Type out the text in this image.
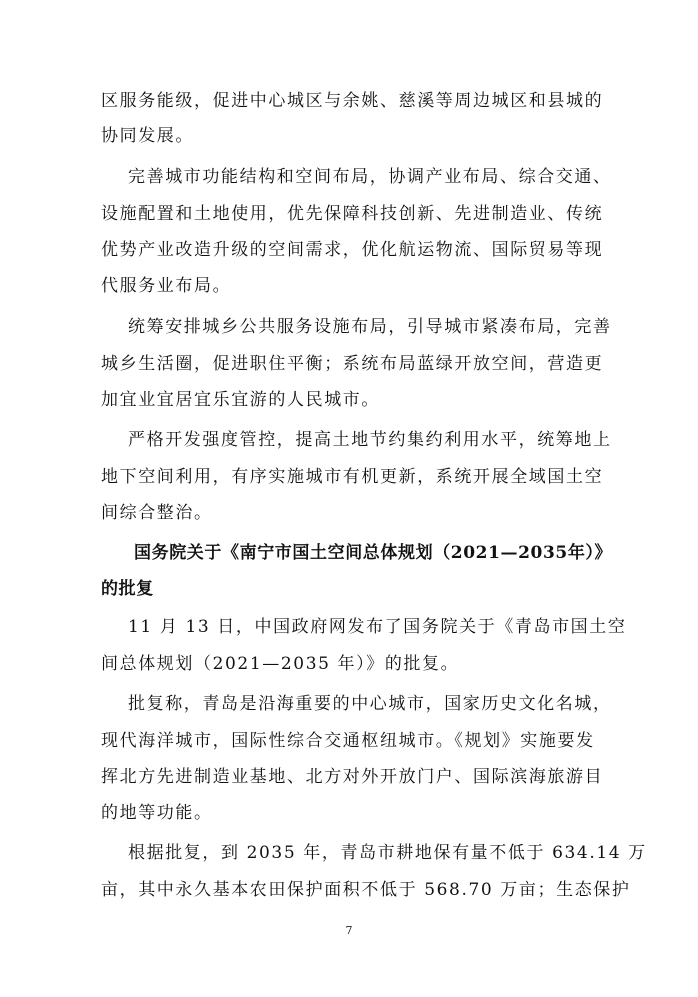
区服务能级，促进中心城区与余姚、慈溪等周边城区和县城的
协同发展。
完善城市功能结构和空间布局，协调产业布局、综合交通、
设施配置和土地使用，优先保障科技创新、先进制造业、传统
优势产业改造升级的空间需求，优化航运物流、国际贸易等现
代服务业布局。
统筹安排城乡公共服务设施布局，引导城市紧凑布局，完善
城乡生活圈，促进职住平衡；系统布局蓝绿开放空间，营造更
加宜业宜居宜乐宜游的人民城市。
严格开发强度管控，提高土地节约集约利用水平，统筹地上
地下空间利用，有序实施城市有机更新，系统开展全域国土空
间综合整治。
国务院关于《南宁市国土空间总体规划（2021—2035年）》
的批复
11 月 13 日，中国政府网发布了国务院关于《青岛市国土空
间总体规划（2021—2035 年）》的批复。
批复称，青岛是沿海重要的中心城市，国家历史文化名城，
现代海洋城市，国际性综合交通枢纽城市。《规划》实施要发
挥北方先进制造业基地、北方对外开放门户、国际滨海旅游目
的地等功能。
根据批复，到 2035 年，青岛市耕地保有量不低于 634.14 万
亩，其中永久基本农田保护面积不低于 568.70 万亩；生态保护
7
